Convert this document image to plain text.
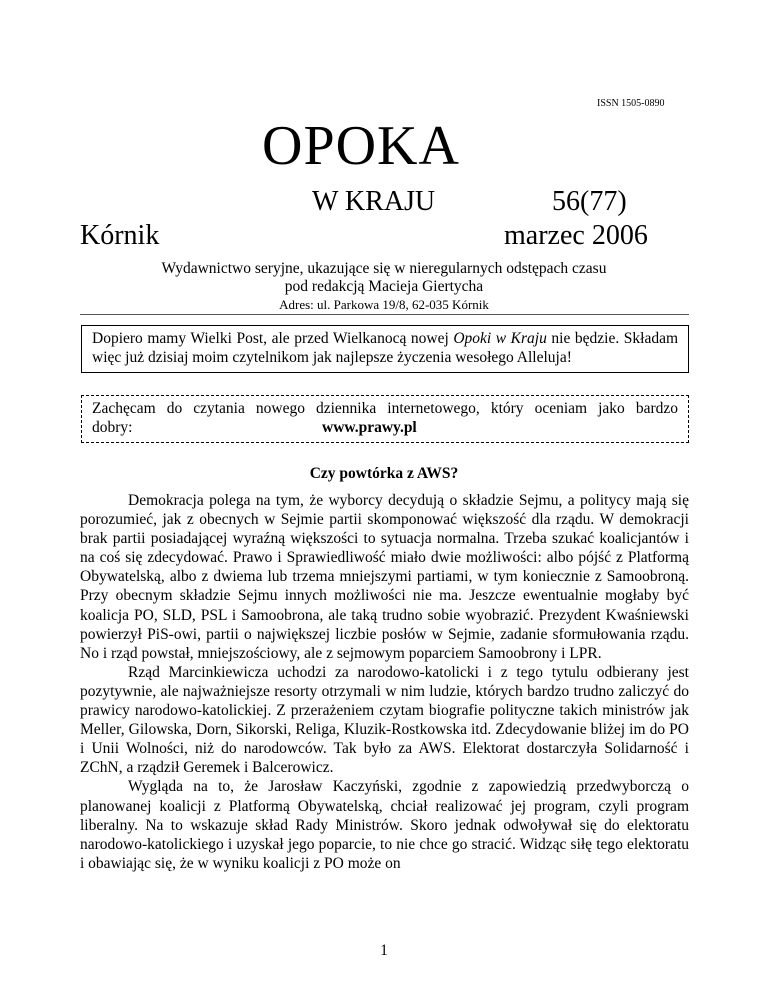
ISSN 1505-0890
OPOKA
W KRAJU	56(77)
Kórnik	marzec 2006
Wydawnictwo seryjne, ukazujące się w nieregularnych odstępach czasu
pod redakcją Macieja Giertycha
Adres: ul. Parkowa 19/8, 62-035 Kórnik
Dopiero mamy Wielki Post, ale przed Wielkanocą nowej Opoki w Kraju nie będzie. Składam więc już dzisiaj moim czytelnikom jak najlepsze życzenia wesołego Alleluja!
Zachęcam do czytania nowego dziennika internetowego, który oceniam jako bardzo dobry:	www.prawy.pl
Czy powtórka z AWS?

Demokracja polega na tym, że wyborcy decydują o składzie Sejmu, a politycy mają się porozumieć, jak z obecnych w Sejmie partii skomponować większość dla rządu. W demokracji brak partii posiadającej wyraźną większości to sytuacja normalna. Trzeba szukać koalicjantów i na coś się zdecydować. Prawo i Sprawiedliwość miało dwie możliwości: albo pójść z Platformą Obywatelską, albo z dwiema lub trzema mniejszymi partiami, w tym koniecznie z Samoobroną. Przy obecnym składzie Sejmu innych możliwości nie ma. Jeszcze ewentualnie mogłaby być koalicja PO, SLD, PSL i Samoobrona, ale taką trudno sobie wyobrazić. Prezydent Kwaśniewski powierzył PiS-owi, partii o największej liczbie posłów w Sejmie, zadanie sformułowania rządu. No i rząd powstał, mniejszościowy, ale z sejmowym poparciem Samoobrony i LPR.

Rząd Marcinkiewicza uchodzi za narodowo-katolicki i z tego tytulu odbierany jest pozytywnie, ale najważniejsze resorty otrzymali w nim ludzie, których bardzo trudno zaliczyć do prawicy narodowo-katolickiej. Z przerażeniem czytam biografie polityczne takich ministrów jak Meller, Gilowska, Dorn, Sikorski, Religa, Kluzik-Rostkowska itd. Zdecydowanie bliżej im do PO i Unii Wolności, niż do narodowców. Tak było za AWS. Elektorat dostarczyła Solidarność i ZChN, a rządził Geremek i Balcerowicz.

Wygląda na to, że Jarosław Kaczyński, zgodnie z zapowiedzią przedwyborczą o planowanej koalicji z Platformą Obywatelską, chciał realizować jej program, czyli program liberalny. Na to wskazuje skład Rady Ministrów. Skoro jednak odwoływał się do elektoratu narodowo-katolickiego i uzyskał jego poparcie, to nie chce go stracić. Widząc siłę tego elektoratu i obawiając się, że w wyniku koalicji z PO może on

1
